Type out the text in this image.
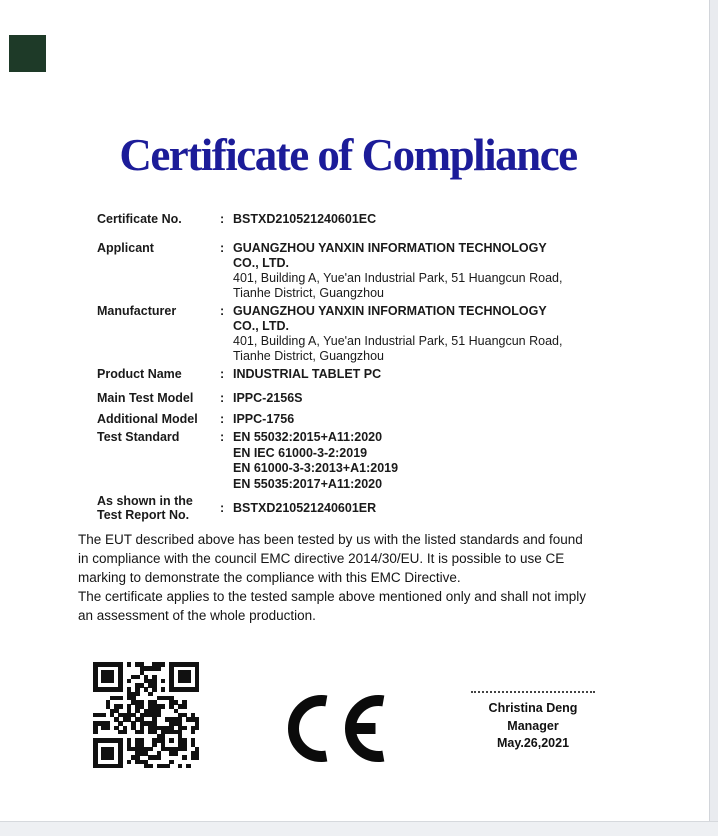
Certificate of Compliance
Certificate No.	: BSTXD210521240601EC
Applicant	: GUANGZHOU YANXIN INFORMATION TECHNOLOGY
CO., LTD.
401, Building A, Yue'an Industrial Park, 51 Huangcun Road,
Tianhe District, Guangzhou
Manufacturer	: GUANGZHOU YANXIN INFORMATION TECHNOLOGY
CO., LTD.
401, Building A, Yue'an Industrial Park, 51 Huangcun Road,
Tianhe District, Guangzhou
Product Name	: INDUSTRIAL TABLET PC
Main Test Model	: IPPC-2156S
Additional Model	: IPPC-1756
Test Standard	: EN 55032:2015+A11:2020
EN IEC 61000-3-2:2019
EN 61000-3-3:2013+A1:2019
EN 55035:2017+A11:2020
As shown in the
Test Report No.
: BSTXD210521240601ER
The EUT described above has been tested by us with the listed standards and found
in compliance with the council EMC directive 2014/30/EU. It is possible to use CE
marking to demonstrate the compliance with this EMC Directive.
The certificate applies to the tested sample above mentioned only and shall not imply
an assessment of the whole production.
Christina Deng
Manager
May.26,2021
